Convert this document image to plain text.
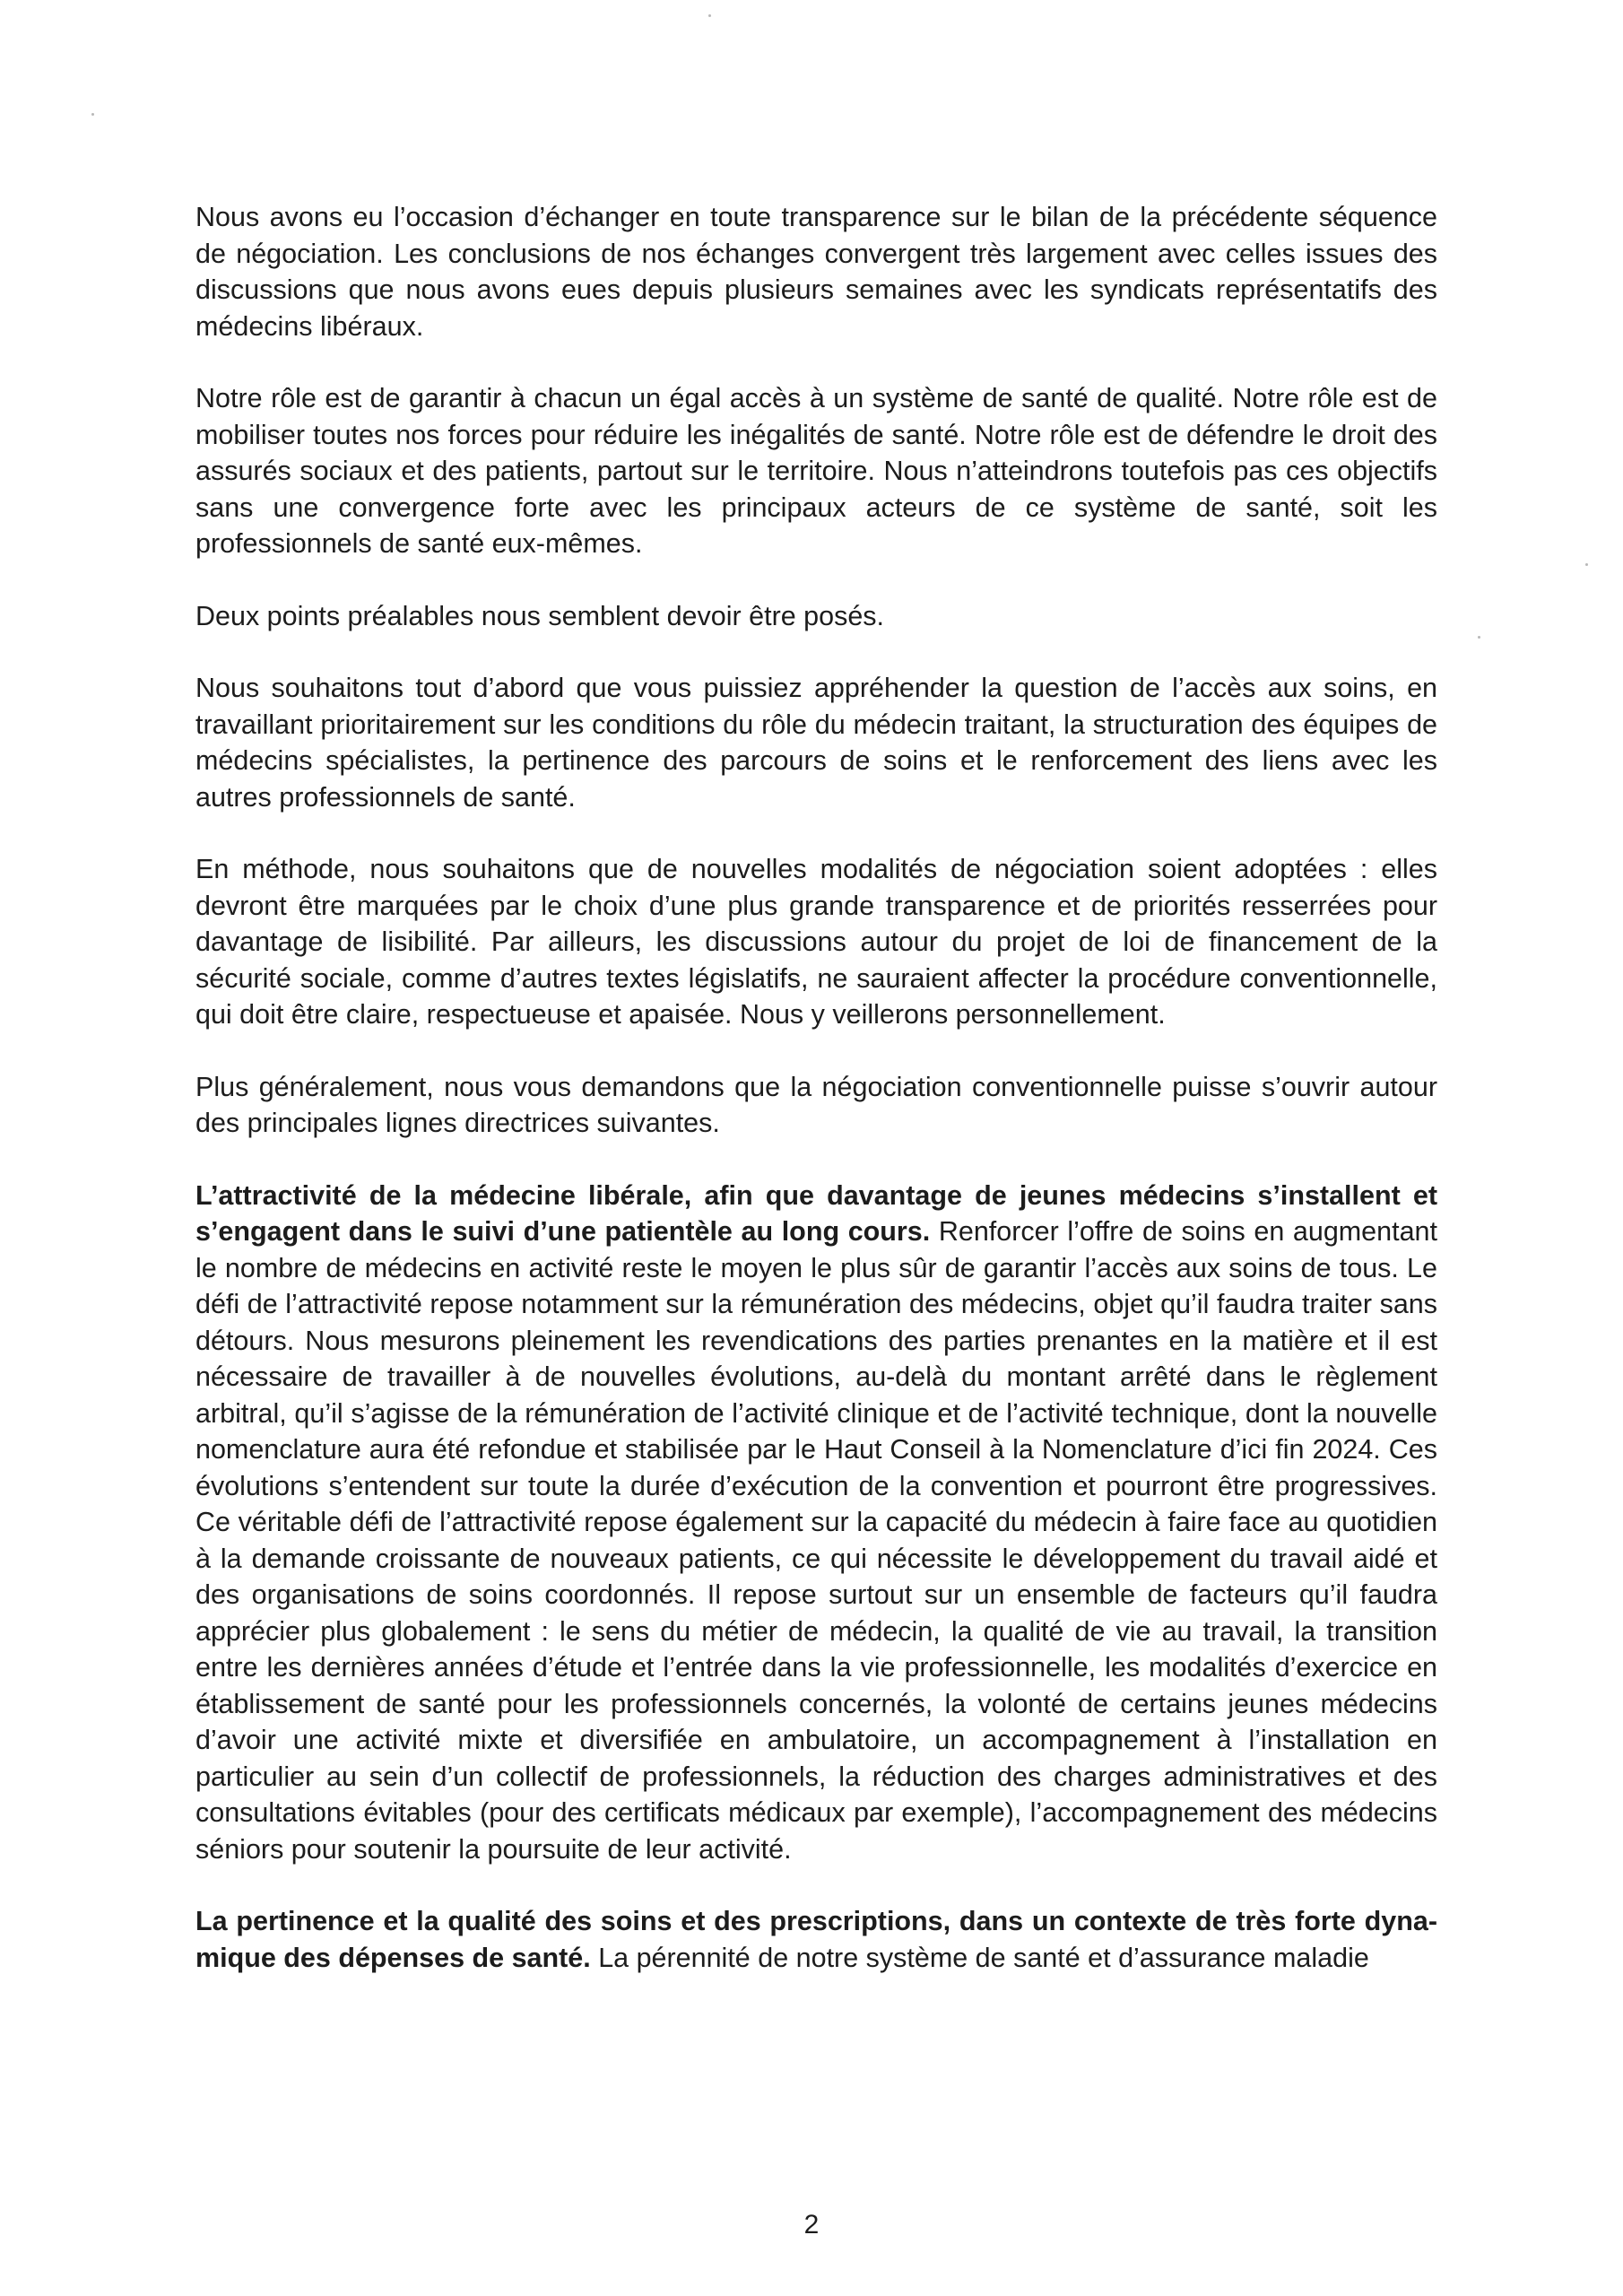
Nous avons eu l’occasion d’échanger en toute transparence sur le bilan de la précédente séquence de négociation. Les conclusions de nos échanges convergent très largement avec celles issues des discussions que nous avons eues depuis plusieurs semaines avec les syndicats représentatifs des médecins libéraux.

Notre rôle est de garantir à chacun un égal accès à un système de santé de qualité. Notre rôle est de mobiliser toutes nos forces pour réduire les inégalités de santé. Notre rôle est de défendre le droit des assurés sociaux et des patients, partout sur le territoire. Nous n’atteindrons toutefois pas ces objectifs sans une convergence forte avec les principaux acteurs de ce système de santé, soit les professionnels de santé eux-mêmes.

Deux points préalables nous semblent devoir être posés.

Nous souhaitons tout d’abord que vous puissiez appréhender la question de l’accès aux soins, en travaillant prioritairement sur les conditions du rôle du médecin traitant, la structuration des équipes de médecins spécialistes, la pertinence des parcours de soins et le renforcement des liens avec les autres professionnels de santé.

En méthode, nous souhaitons que de nouvelles modalités de négociation soient adoptées : elles devront être marquées par le choix d’une plus grande transparence et de priorités resserrées pour davantage de lisibilité. Par ailleurs, les discussions autour du projet de loi de financement de la sécurité sociale, comme d’autres textes législatifs, ne sauraient affecter la procédure conventionnelle, qui doit être claire, respectueuse et apaisée. Nous y veillerons personnellement.

Plus généralement, nous vous demandons que la négociation conventionnelle puisse s’ouvrir autour des principales lignes directrices suivantes.

L’attractivité de la médecine libérale, afin que davantage de jeunes médecins s’installent et s’engagent dans le suivi d’une patientèle au long cours. Renforcer l’offre de soins en augmentant le nombre de médecins en activité reste le moyen le plus sûr de garantir l’accès aux soins de tous. Le défi de l’attractivité repose notamment sur la rémunération des médecins, objet qu’il faudra traiter sans détours. Nous mesurons pleinement les revendications des parties prenantes en la matière et il est nécessaire de travailler à de nouvelles évolutions, au-delà du montant arrêté dans le règlement arbitral, qu’il s’agisse de la rémunération de l’activité clinique et de l’activité technique, dont la nouvelle nomenclature aura été refondue et stabilisée par le Haut Conseil à la Nomenclature d’ici fin 2024. Ces évolutions s’entendent sur toute la durée d’exécution de la convention et pourront être progressives. Ce véritable défi de l’attractivité repose également sur la capacité du médecin à faire face au quotidien à la demande croissante de nouveaux patients, ce qui nécessite le développement du travail aidé et des organisations de soins coordonnés. Il repose surtout sur un ensemble de facteurs qu’il faudra apprécier plus globalement : le sens du métier de médecin, la qualité de vie au travail, la transition entre les dernières années d’étude et l’entrée dans la vie professionnelle, les modalités d’exercice en établissement de santé pour les professionnels concernés, la volonté de certains jeunes médecins d’avoir une activité mixte et diversifiée en ambulatoire, un accompagnement à l’installation en particulier au sein d’un collectif de professionnels, la réduction des charges administratives et des consultations évitables (pour des certificats médicaux par exemple), l’accompagnement des médecins séniors pour soutenir la poursuite de leur activité.

La pertinence et la qualité des soins et des prescriptions, dans un contexte de très forte dynamique des dépenses de santé. La pérennité de notre système de santé et d’assurance maladie

2
